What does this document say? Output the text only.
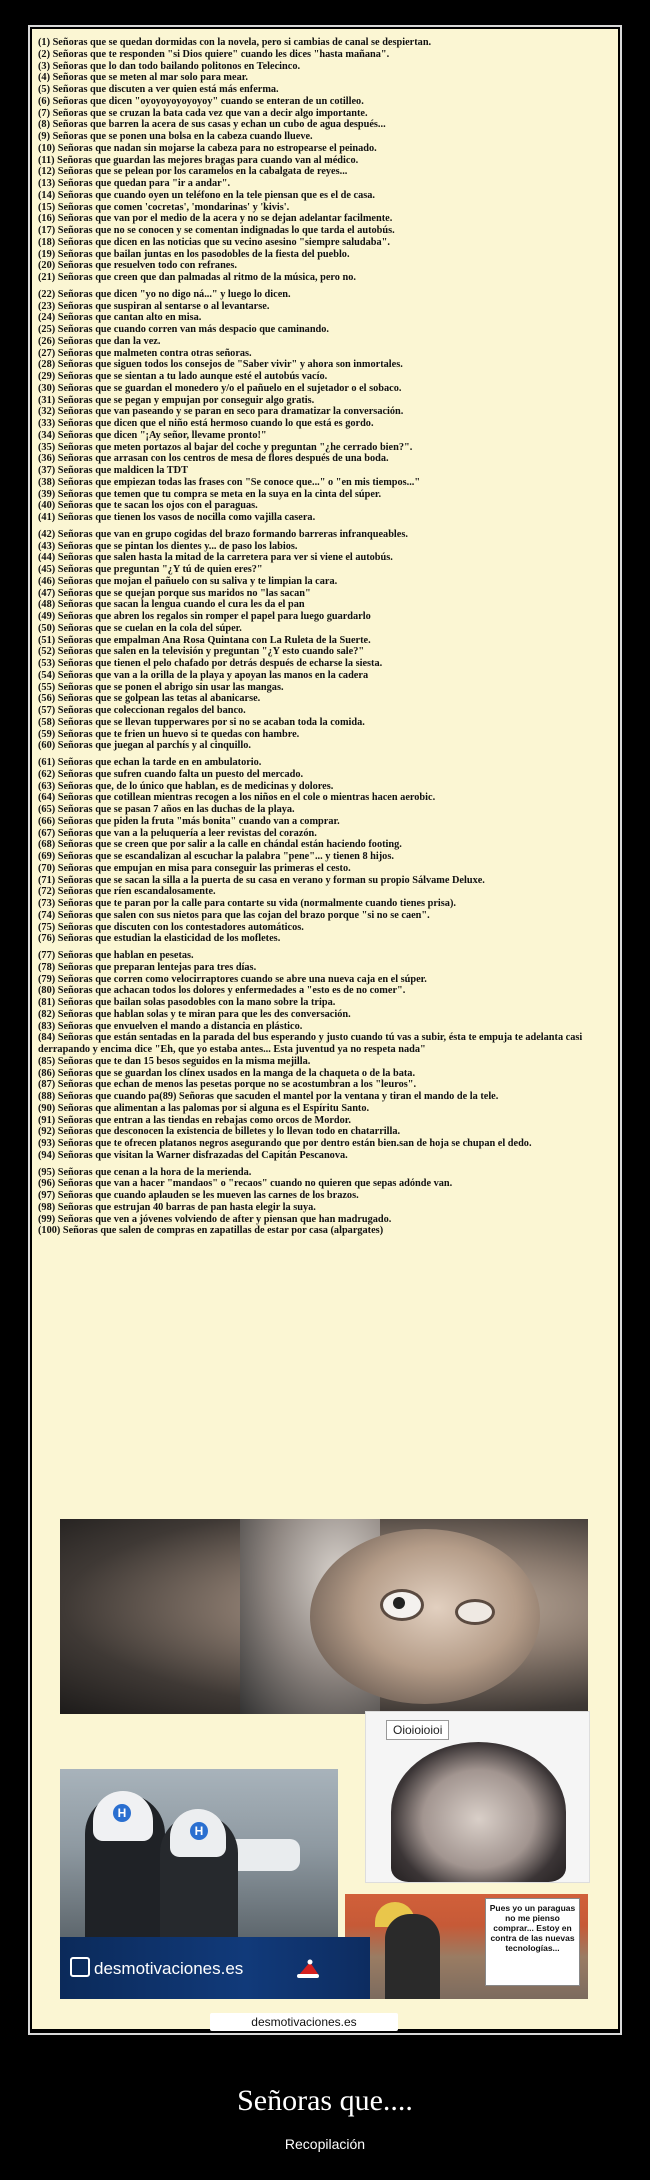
(1) Señoras que se quedan dormidas con la novela, pero si cambias de canal se despiertan.
(2) Señoras que te responden "si Dios quiere" cuando les dices "hasta mañana".
(3) Señoras que lo dan todo bailando politonos en Telecinco.
(4) Señoras que se meten al mar solo para mear.
(5) Señoras que discuten a ver quien está más enferma.
(6) Señoras que dicen "oyoyoyoyoyoyoy" cuando se enteran de un cotilleo.
(7) Señoras que se cruzan la bata cada vez que van a decir algo importante.
(8) Señoras que barren la acera de sus casas y echan un cubo de agua después...
(9) Señoras que se ponen una bolsa en la cabeza cuando llueve.
(10) Señoras que nadan sin mojarse la cabeza para no estropearse el peinado.
(11) Señoras que guardan las mejores bragas para cuando van al médico.
(12) Señoras que se pelean por los caramelos en la cabalgata de reyes...
(13) Señoras que quedan para "ir a andar".
(14) Señoras que cuando oyen un teléfono en la tele piensan que es el de casa.
(15) Señoras que comen 'cocretas', 'mondarinas' y 'kivis'.
(16) Señoras que van por el medio de la acera y no se dejan adelantar facilmente.
(17) Señoras que no se conocen y se comentan indignadas lo que tarda el autobús.
(18) Señoras que dicen en las noticias que su vecino asesino "siempre saludaba".
(19) Señoras que bailan juntas en los pasodobles de la fiesta del pueblo.
(20) Señoras que resuelven todo con refranes.
(21) Señoras que creen que dan palmadas al ritmo de la música, pero no.
(22) Señoras que dicen "yo no digo ná..." y luego lo dicen.
(23) Señoras que suspiran al sentarse o al levantarse.
(24) Señoras que cantan alto en misa.
(25) Señoras que cuando corren van más despacio que caminando.
(26) Señoras que dan la vez.
(27) Señoras que malmeten contra otras señoras.
(28) Señoras que siguen todos los consejos de "Saber vivir" y ahora son inmortales.
(29) Señoras que se sientan a tu lado aunque esté el autobús vacío.
(30) Señoras que se guardan el monedero y/o el pañuelo en el sujetador o el sobaco.
(31) Señoras que se pegan y empujan por conseguir algo gratis.
(32) Señoras que van paseando y se paran en seco para dramatizar la conversación.
(33) Señoras que dicen que el niño está hermoso cuando lo que está es gordo.
(34) Señoras que dicen "¡Ay señor, llevame pronto!"
(35) Señoras que meten portazos al bajar del coche y preguntan "¿he cerrado bien?".
(36) Señoras que arrasan con los centros de mesa de flores después de una boda.
(37) Señoras que maldicen la TDT
(38) Señoras que empiezan todas las frases con "Se conoce que..." o "en mis tiempos..."
(39) Señoras que temen que tu compra se meta en la suya en la cinta del súper.
(40) Señoras que te sacan los ojos con el paraguas.
(41) Señoras que tienen los vasos de nocilla como vajilla casera.
(42) Señoras que van en grupo cogidas del brazo formando barreras infranqueables.
(43) Señoras que se pintan los dientes y... de paso los labios.
(44) Señoras que salen hasta la mitad de la carretera para ver si viene el autobús.
(45) Señoras que preguntan "¿Y tú de quien eres?"
(46) Señoras que mojan el pañuelo con su saliva y te limpian la cara.
(47) Señoras que se quejan porque sus maridos no "las sacan"
(48) Señoras que sacan la lengua cuando el cura les da el pan
(49) Señoras que abren los regalos sin romper el papel para luego guardarlo
(50) Señoras que se cuelan en la cola del súper.
(51) Señoras que empalman Ana Rosa Quintana con La Ruleta de la Suerte.
(52) Señoras que salen en la televisión y preguntan "¿Y esto cuando sale?"
(53) Señoras que tienen el pelo chafado por detrás después de echarse la siesta.
(54) Señoras que van a la orilla de la playa y apoyan las manos en la cadera
(55) Señoras que se ponen el abrigo sin usar las mangas.
(56) Señoras que se golpean las tetas al abanicarse.
(57) Señoras que coleccionan regalos del banco.
(58) Señoras que se llevan tupperwares por si no se acaban toda la comida.
(59) Señoras que te frien un huevo si te quedas con hambre.
(60) Señoras que juegan al parchís y al cinquillo.
(61) Señoras que echan la tarde en en ambulatorio.
(62) Señoras que sufren cuando falta un puesto del mercado.
(63) Señoras que, de lo único que hablan, es de medicinas y dolores.
(64) Señoras que cotillean mientras recogen a los niños en el cole o mientras hacen aerobic.
(65) Señoras que se pasan 7 años en las duchas de la playa.
(66) Señoras que piden la fruta "más bonita" cuando van a comprar.
(67) Señoras que van a la peluquería a leer revistas del corazón.
(68) Señoras que se creen que por salir a la calle en chándal están haciendo footing.
(69) Señoras que se escandalizan al escuchar la palabra "pene"... y tienen 8 hijos.
(70) Señoras que empujan en misa para conseguir las primeras el cesto.
(71) Señoras que se sacan la silla a la puerta de su casa en verano y forman su propio Sálvame Deluxe.
(72) Señoras que ríen escandalosamente.
(73) Señoras que te paran por la calle para contarte su vida (normalmente cuando tienes prisa).
(74) Señoras que salen con sus nietos para que las cojan del brazo porque "si no se caen".
(75) Señoras que discuten con los contestadores automáticos.
(76) Señoras que estudian la elasticidad de los mofletes.
(77) Señoras que hablan en pesetas.
(78) Señoras que preparan lentejas para tres días.
(79) Señoras que corren como velocirraptores cuando se abre una nueva caja en el súper.
(80) Señoras que achacan todos los dolores y enfermedades a "esto es de no comer".
(81) Señoras que bailan solas pasodobles con la mano sobre la tripa.
(82) Señoras que hablan solas y te miran para que les des conversación.
(83) Señoras que envuelven el mando a distancia en plástico.
(84) Señoras que están sentadas en la parada del bus esperando y justo cuando tú vas a subir, ésta te empuja te adelanta casi derrapando y encima dice "Eh, que yo estaba antes... Esta juventud ya no respeta nada"
(85) Señoras que te dan 15 besos seguidos en la misma mejilla.
(86) Señoras que se guardan los clínex usados en la manga de la chaqueta o de la bata.
(87) Señoras que echan de menos las pesetas porque no se acostumbran a los "leuros".
(88) Señoras que cuando pa(89) Señoras que sacuden el mantel por la ventana y tiran el mando de la tele.
(90) Señoras que alimentan a las palomas por si alguna es el Espíritu Santo.
(91) Señoras que entran a las tiendas en rebajas como orcos de Mordor.
(92) Señoras que desconocen la existencia de billetes y lo llevan todo en chatarrilla.
(93) Señoras que te ofrecen platanos negros asegurando que por dentro están bien.san de hoja se chupan el dedo.
(94) Señoras que visitan la Warner disfrazadas del Capitán Pescanova.
(95) Señoras que cenan a la hora de la merienda.
(96) Señoras que van a hacer "mandaos" o "recaos" cuando no quieren que sepas adónde van.
(97) Señoras que cuando aplauden se les mueven las carnes de los brazos.
(98) Señoras que estrujan 40 barras de pan hasta elegir la suya.
(99) Señoras que ven a jóvenes volviendo de after y piensan que han madrugado.
(100) Señoras que salen de compras en zapatillas de estar por casa (alpargates)
H
H
Oioioioioi
Pues yo un paraguas no me pienso comprar... Estoy en contra de las nuevas tecnologías...
desmotivaciones.es
desmotivaciones.es
Señoras que....
Recopilación
